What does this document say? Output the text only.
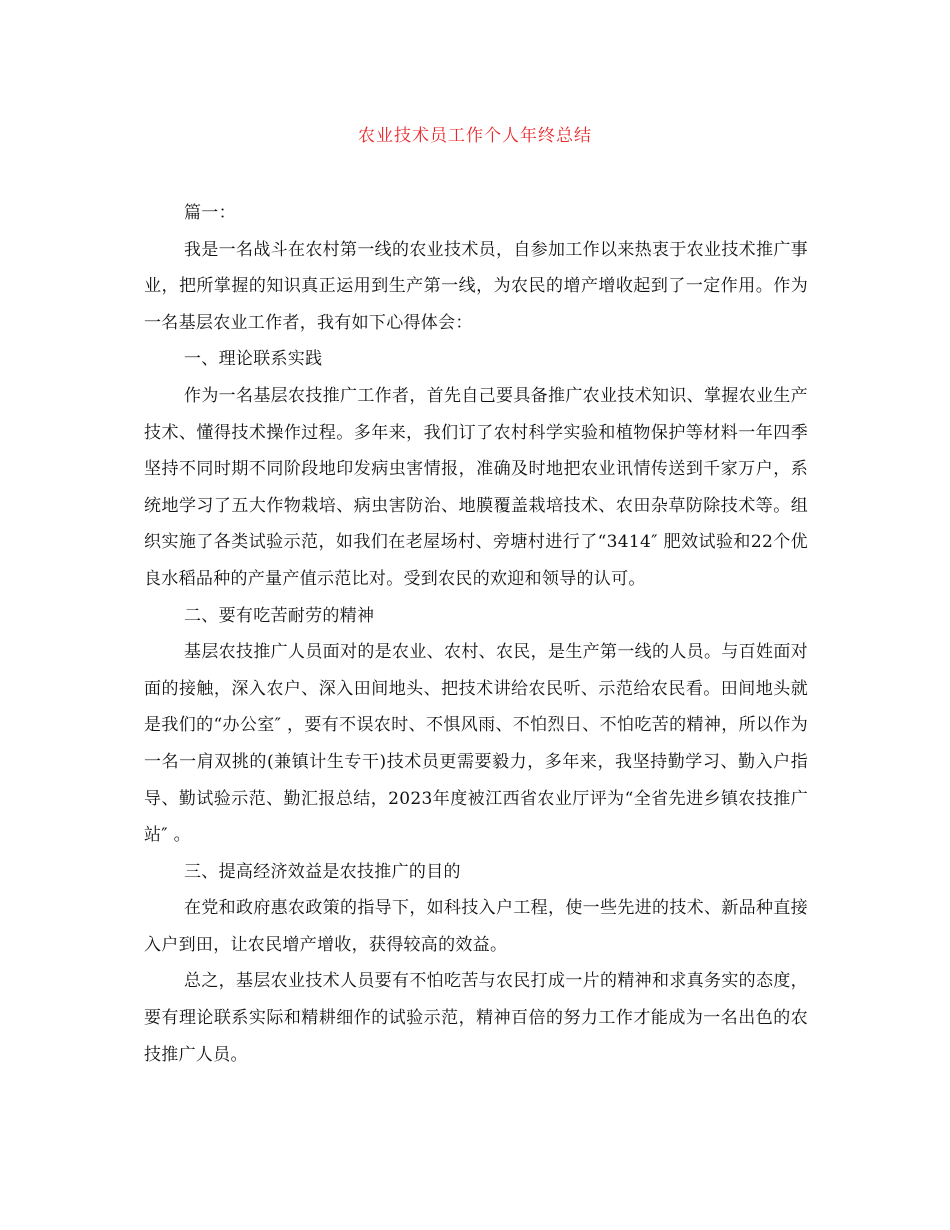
农业技术员工作个人年终总结

篇一：

我是一名战斗在农村第一线的农业技术员，自参加工作以来热衷于农业技术推广事业，把所掌握的知识真正运用到生产第一线，为农民的增产增收起到了一定作用。作为一名基层农业工作者，我有如下心得体会：

一、理论联系实践

作为一名基层农技推广工作者，首先自己要具备推广农业技术知识、掌握农业生产技术、懂得技术操作过程。多年来，我们订了农村科学实验和植物保护等材料一年四季坚持不同时期不同阶段地印发病虫害情报，准确及时地把农业讯情传送到千家万户，系统地学习了五大作物栽培、病虫害防治、地膜覆盖栽培技术、农田杂草防除技术等。组织实施了各类试验示范，如我们在老屋场村、旁塘村进行了“3414″ 肥效试验和22个优良水稻品种的产量产值示范比对。受到农民的欢迎和领导的认可。

二、要有吃苦耐劳的精神

基层农技推广人员面对的是农业、农村、农民，是生产第一线的人员。与百姓面对面的接触，深入农户、深入田间地头、把技术讲给农民听、示范给农民看。田间地头就是我们的“办公室″ ，要有不误农时、不惧风雨、不怕烈日、不怕吃苦的精神，所以作为一名一肩双挑的(兼镇计生专干)技术员更需要毅力，多年来，我坚持勤学习、勤入户指导、勤试验示范、勤汇报总结，2023年度被江西省农业厅评为“全省先进乡镇农技推广站″ 。

三、提高经济效益是农技推广的目的

在党和政府惠农政策的指导下，如科技入户工程，使一些先进的技术、新品种直接入户到田，让农民增产增收，获得较高的效益。

总之，基层农业技术人员要有不怕吃苦与农民打成一片的精神和求真务实的态度，要有理论联系实际和精耕细作的试验示范，精神百倍的努力工作才能成为一名出色的农技推广人员。
